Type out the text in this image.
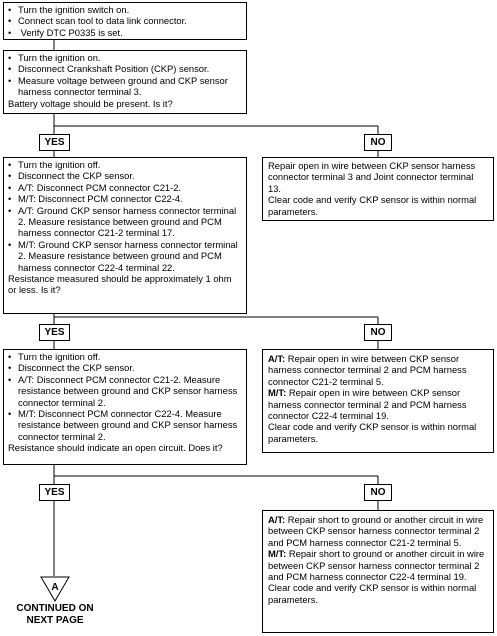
• Turn the ignition switch on.
• Connect scan tool to data link connector.
•  Verify DTC P0335 is set.
• Turn the ignition on.
• Disconnect Crankshaft Position (CKP) sensor.
• Measure voltage between ground and CKP sensor harness connector terminal 3.

Battery voltage should be present. Is it?

YES	NO
• Turn the ignition off.
• Disconnect the CKP sensor.
• A/T: Disconnect PCM connector C21-2.
• M/T: Disconnect PCM connector C22-4.
• A/T: Ground CKP sensor harness connector terminal 2. Measure resistance between ground and PCM harness connector C21-2 terminal 17.
• M/T: Ground CKP sensor harness connector terminal 2. Measure resistance between ground and PCM harness connector C22-4 terminal 22.

Resistance measured should be approximately 1 ohm or less. Is it?

Repair open in wire between CKP sensor harness connector terminal 3 and Joint connector terminal 13.

Clear code and verify CKP sensor is within normal parameters.

YES	NO
• Turn the ignition off.
• Disconnect the CKP sensor.
• A/T: Disconnect PCM connector C21-2. Measure resistance between ground and CKP sensor harness connector terminal 2.
• M/T: Disconnect PCM connector C22-4. Measure resistance between ground and CKP sensor harness connector terminal 2.

Resistance should indicate an open circuit. Does it?

A/T: Repair open in wire between CKP sensor harness connector terminal 2 and PCM harness connector C21-2 terminal 5.

M/T: Repair open in wire between CKP sensor harness connector terminal 2 and PCM harness connector C22-4 terminal 19.

Clear code and verify CKP sensor is within normal parameters.

YES	NO

A/T: Repair short to ground or another circuit in wire between CKP sensor harness connector terminal 2 and PCM harness connector C21-2 terminal 5.

M/T: Repair short to ground or another circuit in wire between CKP sensor harness connector terminal 2 and PCM harness connector C22-4 terminal 19.

Clear code and verify CKP sensor is within normal parameters.

A
CONTINUED ON
NEXT PAGE
